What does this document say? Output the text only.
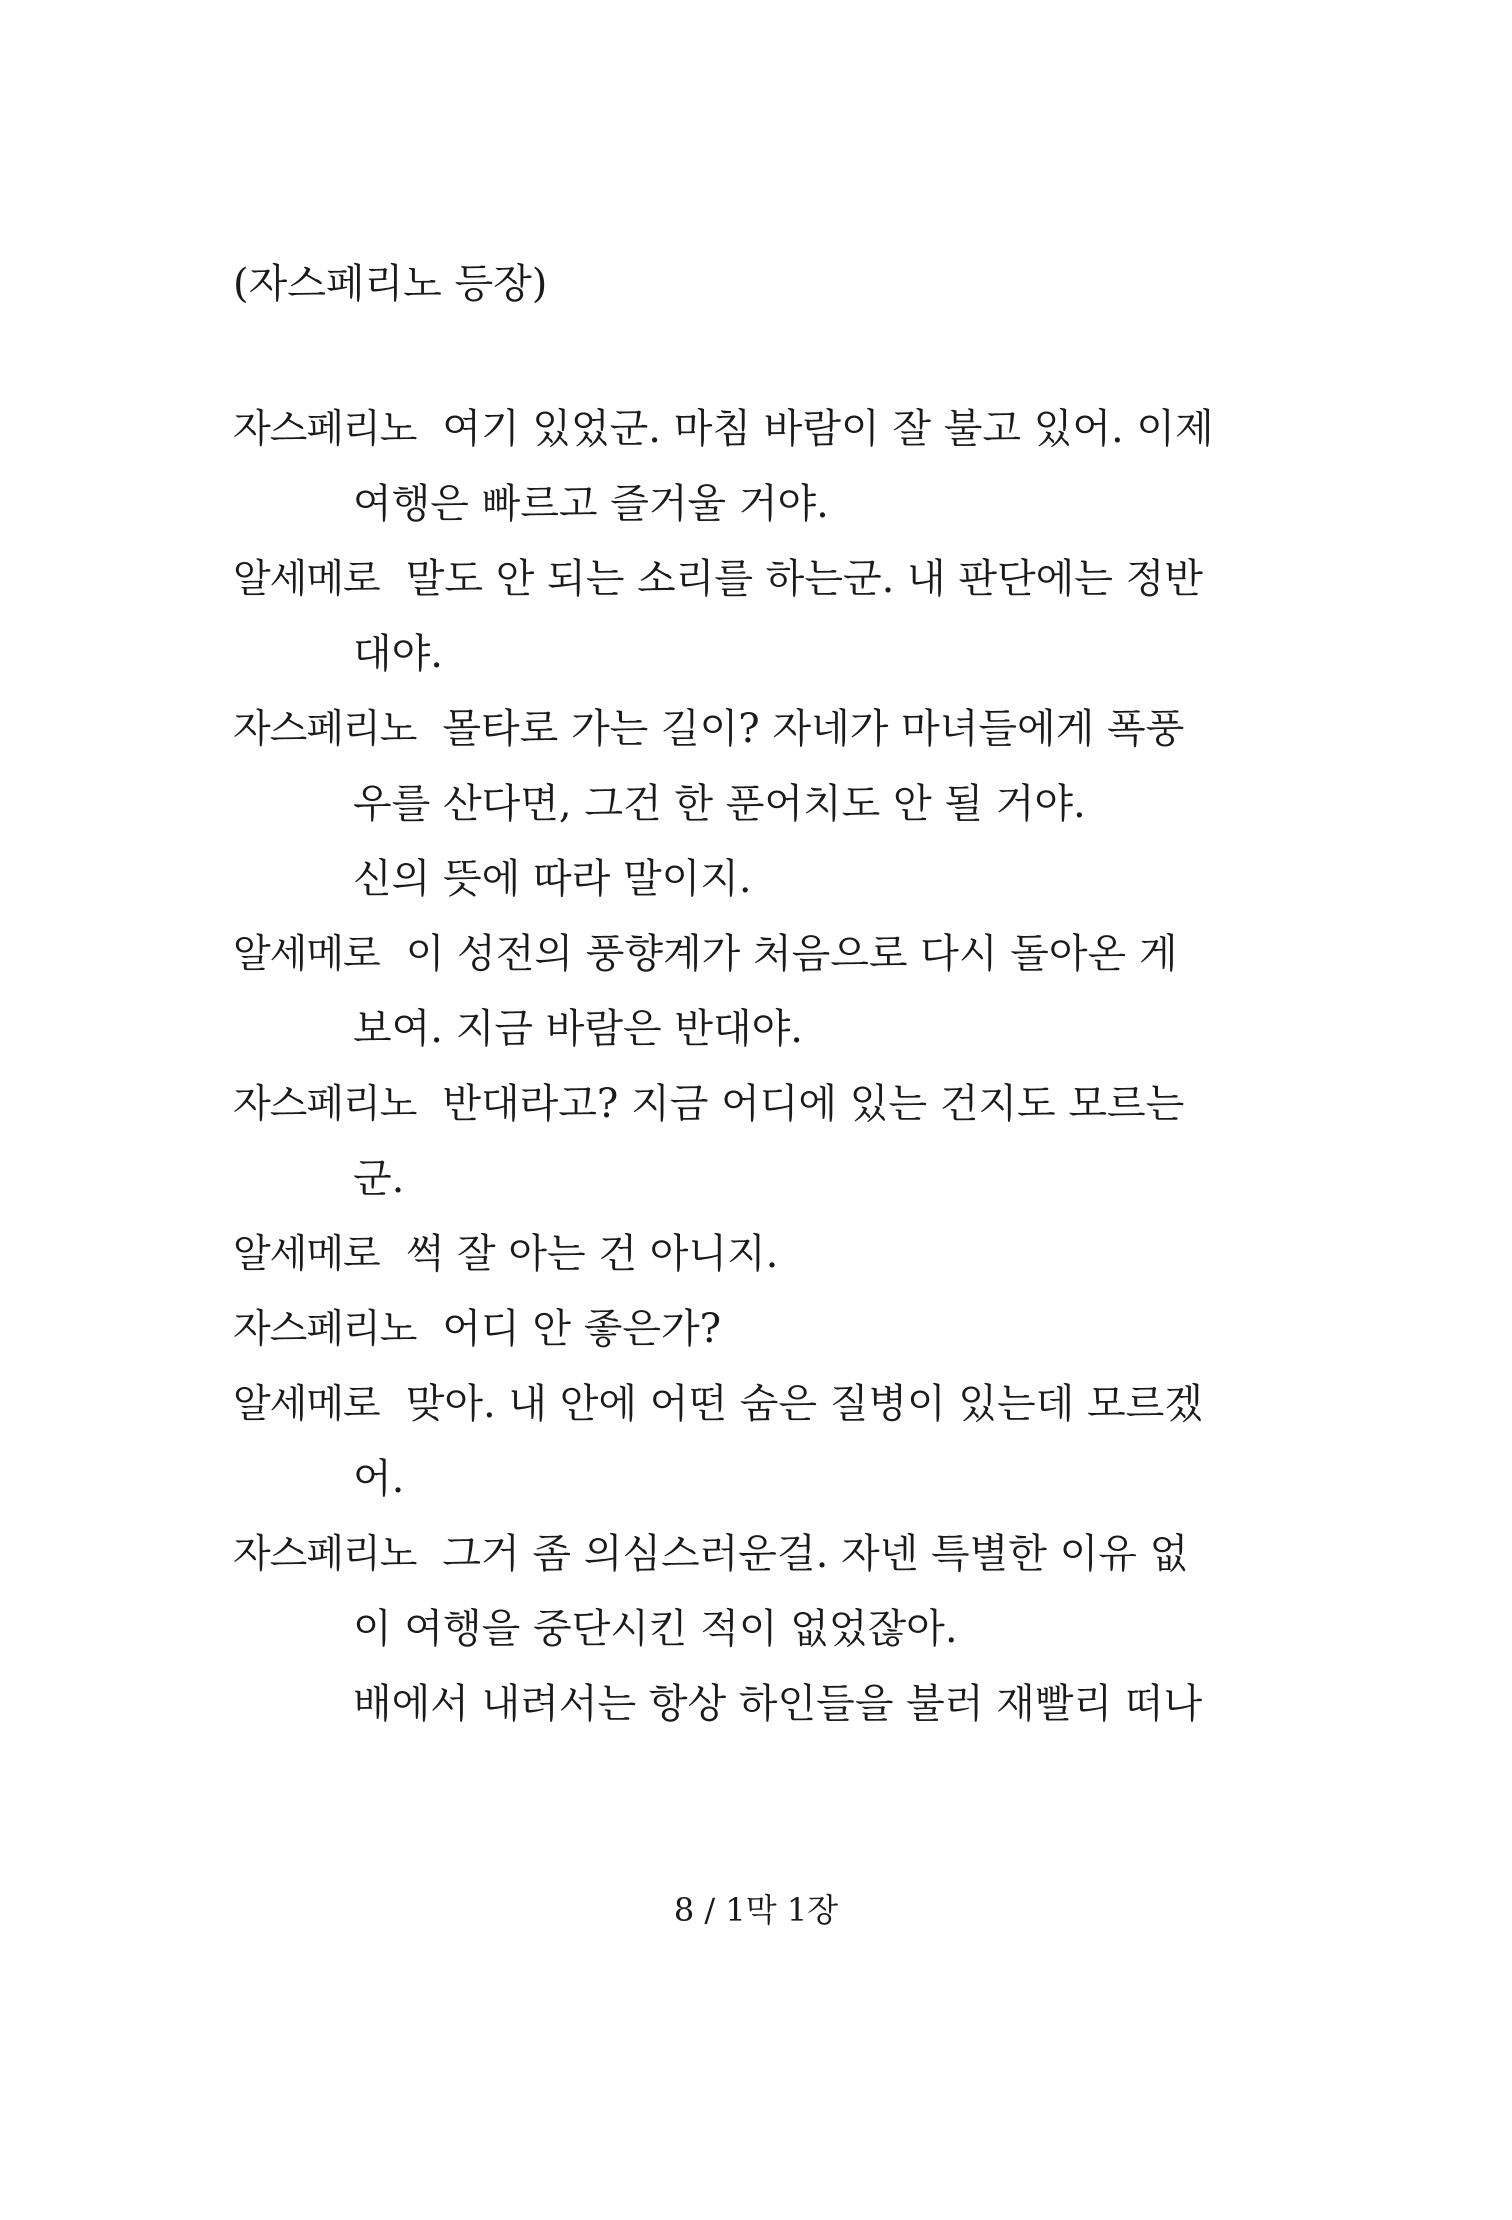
(자스페리노 등장)
자스페리노 여기 있었군. 마침 바람이 잘 불고 있어. 이제
여행은 빠르고 즐거울 거야.
알세메로 말도 안 되는 소리를 하는군. 내 판단에는 정반
대야.
자스페리노 몰타로 가는 길이? 자네가 마녀들에게 폭풍
우를 산다면, 그건 한 푼어치도 안 될 거야.
신의 뜻에 따라 말이지.
알세메로 이 성전의 풍향계가 처음으로 다시 돌아온 게
보여. 지금 바람은 반대야.
자스페리노 반대라고? 지금 어디에 있는 건지도 모르는
군.
알세메로 썩 잘 아는 건 아니지.
자스페리노 어디 안 좋은가?
알세메로 맞아. 내 안에 어떤 숨은 질병이 있는데 모르겠
어.
자스페리노 그거 좀 의심스러운걸. 자넨 특별한 이유 없
이 여행을 중단시킨 적이 없었잖아.
배에서 내려서는 항상 하인들을 불러 재빨리 떠나
8 / 1막 1장
